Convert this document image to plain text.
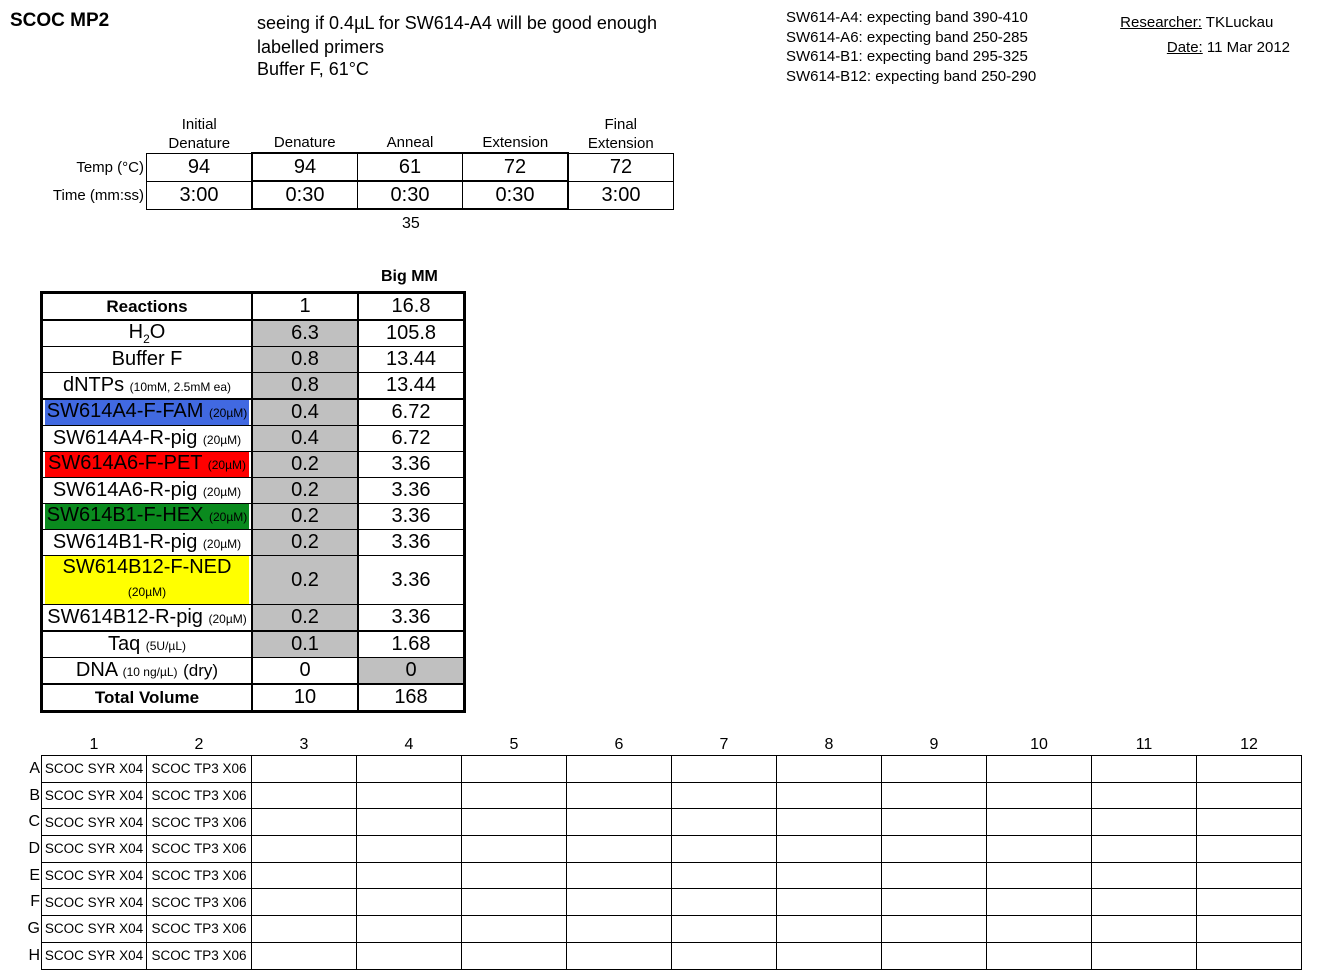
SCOC MP2	seeing if 0.4µL for SW614-A4 will be good enough
labelled primers
Buffer F, 61°C
SW614-A4: expecting band 390-410
SW614-A6: expecting band 250-285
SW614-B1: expecting band 295-325
SW614-B12: expecting band 250-290
Researcher: TKLuckau
Date: 11 Mar 2012
	Initial Denature	Denature	Anneal	Extension	Final Extension
Temp (°C)	94	94	61	72	72
Time (mm:ss)	3:00	0:30	0:30	0:30	3:00
35
Big MM
Reactions	1	16.8
$H_2O$	6.3	105.8
Buffer F	0.8	13.44
dNTPs (10mM, 2.5mM ea)	0.8	13.44
SW614A4-F-FAM (20µM)	0.4	6.72
SW614A4-R-pig (20µM)	0.4	6.72
SW614A6-F-PET (20µM)	0.2	3.36
SW614A6-R-pig (20µM)	0.2	3.36
SW614B1-F-HEX (20µM)	0.2	3.36
SW614B1-R-pig (20µM)	0.2	3.36
SW614B12-F-NED (20µM)	0.2	3.36
SW614B12-R-pig (20µM)	0.2	3.36
Taq (5U/µL)	0.1	1.68
DNA (10 ng/µL) (dry)	0	0
Total Volume	10	168
	1	2	3	4	5	6	7	8	9	10	11	12
A	SCOC SYR X04	SCOC TP3 X06										
B	SCOC SYR X04	SCOC TP3 X06										
C	SCOC SYR X04	SCOC TP3 X06										
D	SCOC SYR X04	SCOC TP3 X06										
E	SCOC SYR X04	SCOC TP3 X06										
F	SCOC SYR X04	SCOC TP3 X06										
G	SCOC SYR X04	SCOC TP3 X06										
H	SCOC SYR X04	SCOC TP3 X06										
